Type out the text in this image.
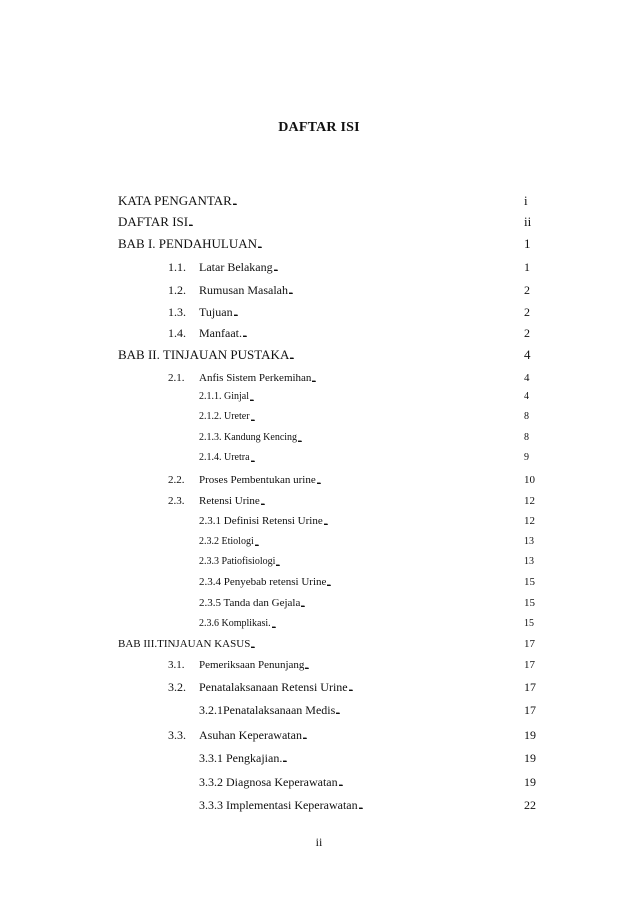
DAFTAR ISI
KATA PENGANTAR . . .	i
DAFTAR ISI . . .	ii
BAB I. PENDAHULUAN . . .	1
1.1. Latar Belakang . . .	1
1.2. Rumusan Masalah . . .	2
1.3. Tujuan . . .	2
1.4. Manfaat. . . .	2
BAB II. TINJAUAN PUSTAKA . . .	4
2.1. Anfis Sistem Perkemihan . . .	4
2.1.1. Ginjal . . .	4
2.1.2. Ureter . . .	8
2.1.3. Kandung Kencing . . .	8
2.1.4. Uretra . . .	9
2.2. Proses Pembentukan urine . . .	10
2.3. Retensi Urine . . .	12
2.3.1 Definisi Retensi Urine . . .	12
2.3.2 Etiologi . . .	13
2.3.3 Patiofisiologi . . .	13
2.3.4 Penyebab retensi Urine . . .	15
2.3.5 Tanda dan Gejala . . .	15
2.3.6 Komplikasi. . . .	15
BAB III.TINJAUAN KASUS . . .	17
3.1. Pemeriksaan Penunjang . . .	17
3.2. Penatalaksanaan Retensi Urine . . .	17
3.2.1Penatalaksanaan Medis . . .	17
3.3. Asuhan Keperawatan . . .	19
3.3.1 Pengkajian. . . .	19
3.3.2 Diagnosa Keperawatan . . .	19
3.3.3 Implementasi Keperawatan . . .	22
ii
